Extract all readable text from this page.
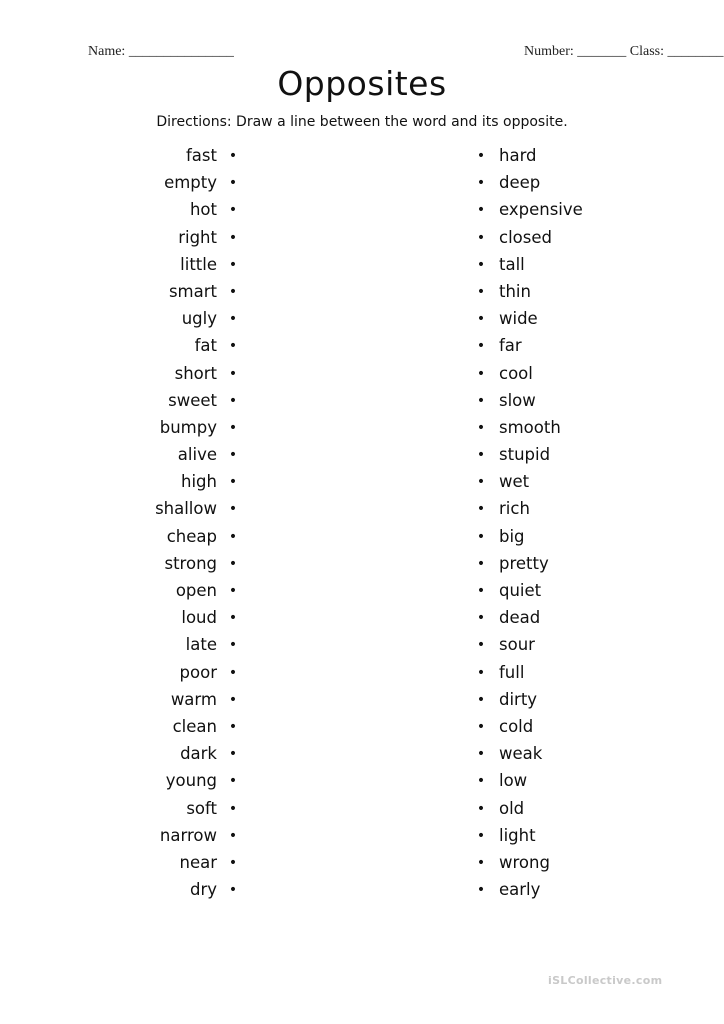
Name: _______________	Number: _______ Class: ________
Opposites
Directions: Draw a line between the word and its opposite.
fast •
empty •
hot •
right •
little •
smart •
ugly •
fat •
short •
sweet •
bumpy •
alive •
high •
shallow •
cheap •
strong •
open •
loud •
late •
poor •
warm •
clean •
dark •
young •
soft •
narrow •
near •
dry •
• hard
• deep
• expensive
• closed
• tall
• thin
• wide
• far
• cool
• slow
• smooth
• stupid
• wet
• rich
• big
• pretty
• quiet
• dead
• sour
• full
• dirty
• cold
• weak
• low
• old
• light
• wrong
• early
iSLCollective.com
